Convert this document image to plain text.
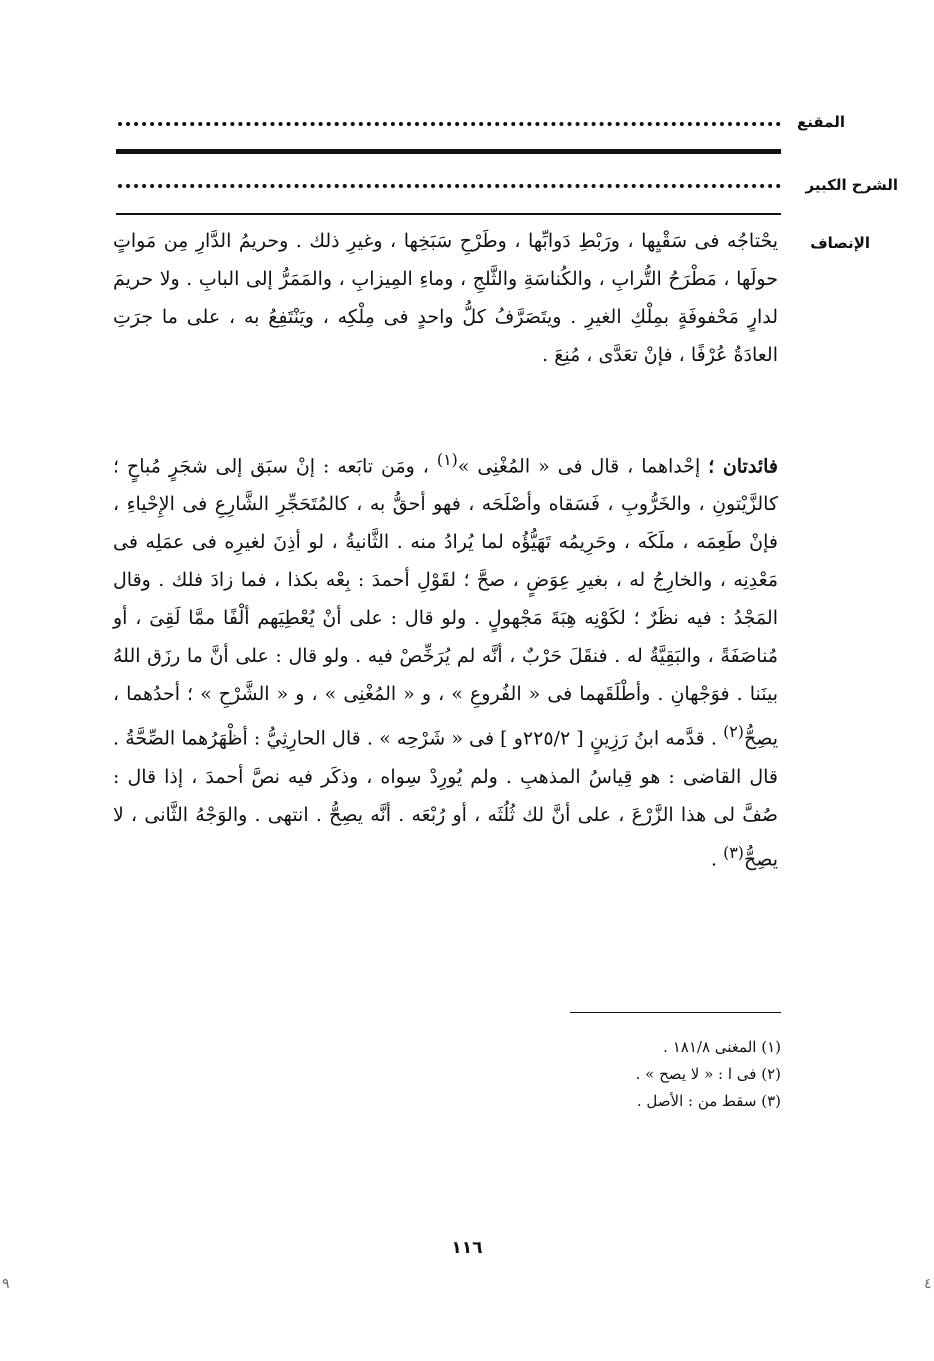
المقنع
الشرح الكبير
الإنصاف

يحْتاجُه فى سَقْيِها ، ورَبْطِ دَوابِّها ، وطَرْحِ سَبَخِها ، وغيرِ ذلك . وحريمُ الدَّارِ مِن مَواتٍ حولَها ، مَطْرَحُ التُّرابِ ، والكُناسَةِ والثَّلجِ ، وماءِ المِيزابِ ، والمَمَرُّ إلى البابِ . ولا حريمَ لدارٍ مَحْفوفَةٍ بمِلْكِ الغيرِ . ويتَصَرَّفُ كلُّ واحدٍ فى مِلْكِه ، ويَنْتَفِعُ به ، على ما جرَتِ العادَةُ عُرْفًا ، فإنْ تعَدَّى ، مُنِعَ .

فائدتان ؛ إحْداهما ، قال فى « المُغْنِى »$^{(١)}$ ، ومَن تابَعه : إنْ سبَق إلى شجَرٍ مُباحٍ ؛ كالزَّيْتونِ ، والخَرُّوبِ ، فَسَقاه وأصْلَحَه ، فهو أحقُّ به ، كالمُتَحَجِّرِ الشَّارِعِ فى الإِحْياءِ ، فإنْ طَعِمَه ، ملَكَه ، وحَرِيمُه تَهَيُّؤُه لما يُرادُ منه . الثَّانيةُ ، لو أذِنَ لغيرِه فى عمَلِه فى مَعْدِنِه ، والخارِجُ له ، بغيرِ عِوَضٍ ، صحَّ ؛ لقَوْلِ أحمدَ : بِعْه بكذا ، فما زادَ فلك . وقال المَجْدُ : فيه نظَرٌ ؛ لكَوْنِه هِبَةَ مَجْهولٍ . ولو قال : على أنْ يُعْطِيَهم ألْفًا ممَّا لَقِىَ ، أو مُناصَفَةً ، والبَقِيَّةُ له . فنقَلَ حَرْبٌ ، أنَّه لم يُرَخِّصْ فيه . ولو قال : على أنَّ ما رزَق اللهُ بينَنا . فوَجْهانِ . وأطْلَقَهما فى « الفُروعِ » ، و « المُغْنِى » ، و « الشَّرْحِ » ؛ أحدُهما ، يصِحُّ$^{(٢)}$ . قدَّمه ابنُ رَزِينٍ [ ٢٢٥/٢و ] فى « شَرْحِه » . قال الحارِثِيُّ : أظْهَرُهما الصِّحَّةُ . قال القاضى : هو قِياسُ المذهبِ . ولم يُورِدْ سِواه ، وذكَر فيه نصَّ أحمدَ ، إذا قال : صُفَّ لى هذا الزَّرْعَ ، على أنَّ لك ثُلُثَه ، أو رُبْعَه . أنَّه يصِحُّ . انتهى . والوَجْهُ الثَّانى ، لا يصِحُّ$^{(٣)}$ .

(١) المغنى ١٨١/٨ .

(٢) فى ا : « لا يصح » .

(٣) سقط من : الأصل .

١١٦
٩	٤
